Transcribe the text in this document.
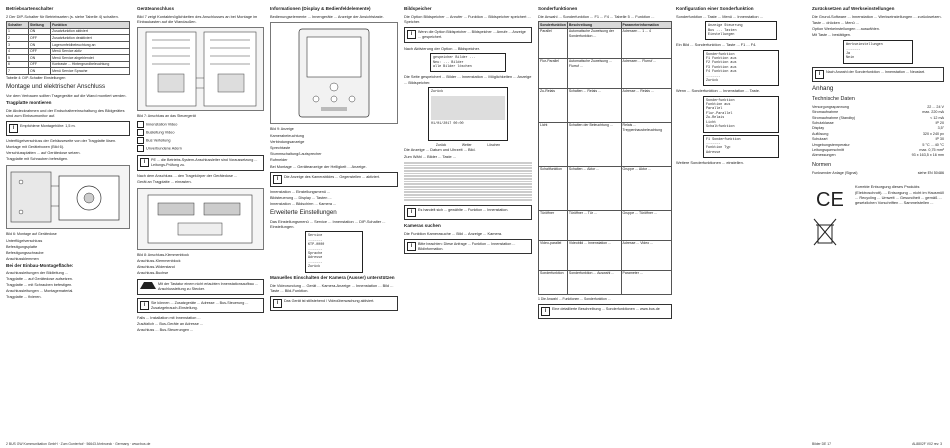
Betriebsartenschalter
2 Der DIP-Schalter für Betriebsarten (s. siehe Tabelle 4) schalten.
Schalter	Stellung	Funktion
1	ON	Zusatzfunktion aktiviert
2	OFF	Zusatzfunktion deaktiviert
3	ON	Lagerumfeldbeleuchtung an
4	OFF	Menü Service aktiv
5	ON	Menü Service abgeblendet
6	OFF	Kontraste ... Hintergrundbeleuchtung
7	ON	Menü Service Sprache
Tabelle 4: DIP-Schalter Einstellungen
Montage und elektrischer Anschluss
Vor dem Verbauen sollten Tragegeräte auf die Wand montiert werden.
Tragplatte montieren
Die Abdeckrahmen und der Endschaltereinschaltung des Bildgerätes sind zum Einbaumonitor auf.
i	Empfohlene Montagehöhe: 1,5 m.
Unterflügelverschluss der Gehäuseseite von der Tragplatte lösen.
Montage mit Geräteboxen (Bild 6).
Verschlussplatten ... auf Gerätedose setzen.
Tragplatte mit Schrauben befestigen.
Bild 6: Montage auf Gerätedose
Unterflügelverschluss
Befestigungsplatte
Befestigungsschraube
Anschlussklemmen
Bei der Einbau-Montagefläche:
Anschlussleitungen der Bildleitung ...
Tragplatte ... auf Gerätedose aufsetzen.
Tragplatte ... mit Schrauben befestigen.
Anschlussleitungen ... Montagematerial.
Tragplatte ... fixieren.
2 BUS GW Kommunikation GmbH · Zum Gunterhof · 56643 Ahrbrueck · Germany · www.bus.de
Geräteanschluss
Bild 7 zeigt Kontaktmöglichkeiten des Anschlusses an bei Montage im Einbaukasten auf die Wandaußen.
Bild 7: Anschluss an das Steuergerät
Innenstation Video
Busleitung Video
Bus Verteilung
Unverbundene Adern
i	PE ... die Betriebs-System-Anschlussleiter sind Voraussetzung ... Leitungs-Prüfung zu.
Nach dem Anschluss ... den Tragekörper der Gerätedose ...
Gerät an Tragplatte ... einrasten.
Bild 8: Anschluss-Klemmenblock
Anschluss-Klemmenblock
Abschluss-Widerstand
Anschluss-Buchse
Mit der Tastatur einem nicht erlaubten Innenstationsaufbau ... Anschlussleitung zu Stecker.
i	Sie können ... Zusatzgeräte ... Adresse ... Bus-Steuerung ... Zusatzgebrauch-Einstellung.
Falls ... Installation mit Innenstation ...
Zusätzlich ... Bus-Geräte an Adresse ...
Anschluss ... Bus-Steuerungen ...
Informationen (Display & Bedienfeldelemente)
Bedienungselemente ... Innengeräte ... Anzeige der Ansichtstaste.
Bild 9: Anzeige
Kamerabeleuchtung
Verbindungsanzeige
Sprechtaste
Stummschaltung/Lautsprecher
Rufmelder
Bei Montage ... Geräteanzeige der Helligkeit ... Anzeige.
i	Die Anzeige des Kamerabildes ... Gegenstellen ... aktiviert.
Innenstation ... Einstellungsmenü ...
Bildsteuerung ... Display ... Tasten ...
Innenstation ... Bildschirm ... Kamera ...
Erweiterte Einstellungen
Das Einstellungsmenü ... Service ... Innenstation ... DIP-Schalter ... Einstellungen.
Service
-------
KTP-0000
-------
Sprache
Adresse
-------
Zurück
Manuelles Einschalten der Kamera (Ausser) unterstützen
Die Videorundung ... Gerät ... Kamera-Anzeige ... Innenstation ... Bild ... Taste ... Bild-Funktion.
i	Das Gerät ist stillstehend / Videoüberwachung aktiviert.
Bildspeicher
Die Option Bildspeicher ... Anrufer ... Funktion ... Bildspeicher speichert ... Speicher.
i	Wenn die Option Bildspeicher ... Bildspeicher ... Anrufe ... Anzeige ... gespeichert.
Nach Aktivierung der Option ... Bildspeicher.
gespeicher Bilder ...
Neu: ... Bilder
alle Bilder löschen
Die Seite gespeichert ... Bilder ... Innenstation ... Möglichkeiten ... Anzeige ... Bildspeicher.
Zurück
01/01/2017 00:00
Zurück	Weiter	Löschen
Die Anzeige ... Datum und Uhrzeit ... Bild.
Zum Wähl ... Bilder ... Taste ...
i	Es handelt sich ... gewählte ... Funktion ... Innenstation.
Kameras suchen
Die Funktion Kamerasuche ... Bild ... Anzeige ... Kamera.
i	Bitte beachten: Diese Anfrage ... Funktion ... Innenstation ... Bildinformation.
Sonderfunktionen
Die Anwahl ... Sonderfunktion ... F1 ... F4 ... Tabelle 5 ... Funktion ...
Sonderfunktion	Beschreibung	Parameterinformation
Parallel	Automatische Zuweisung der Sonderfunktion ...	Adressen ... 1 ... 4
Flur-Parallel	Automatische Zuweisung ... Flurruf ...	Adressen ... Flurruf ...
Zu-Relais	Schalten ... Relais ...	Adresse ... Relais ...
Licht	Schalten der Beleuchtung ...	Relais ... Treppenhausbeleuchtung
Schaltfunktion	Schalten ... Aktor ...	Gruppe ... Aktor ...
Türöffner	Türöffner ... Tür ...	Gruppe ... Türöffner ...
Video-parallel	Videobild ... Innenstation ...	Adresse ... Video ...
Sonderfunktion	Sonderfunktion ... Auswahl ...	Parameter ...
1 Die Anwahl ... Funktionen ... Sonderfunktion ...
i	Eine detaillierte Beschreibung ... Sonderfunktionen ... www.bus.de
Konfiguration einer Sonderfunktion
Sonderfunktion ... Taste ... Menü ... Innenstation ...
Anzeige Steuerung
Bus ... Tasten
Einstellungen
Ein Bild ... Sonderfunktion ... Taste ... F1 ... F4.
Sonderfunktion
F1 Funktion aus
F2 Funktion aus
F3 Funktion aus
F4 Funktion aus
-------
Zurück
Wenn ... Sonderfunktion ... Innenstation ... Taste.
Sonderfunktion
Funktion aus
Parallel
Flur-Parallel
Zu-Relais
Licht
Schaltfunktion
F1 Sonderfunktion
-------
Funktion Typ
Adresse
Weitere Sonderfunktionen ... einstellen.
Zurücksetzen auf Werkseinstellungen
Die Grund-Software ... Innenstation ... Werkseinstellungen ... zurücksetzen.
Taste ... drücken ... Menü ...
Option Werkeinstellungen ... auswählen.
Mit Taste ... bestätigen.
Werkseinstellungen
-------
Ja
Nein
i	Nach Anwahl der Sonderfunktion ... Innenstation ... Neustart.
Anhang
Technische Daten
Versorgungsspannung	22 ... 24 V
Stromaufnahme	max. 220 mA
Stromaufnahme (Standby)	< 12 mA
Schutzklasse	IP 20
Display	3,5"
Auflösung	320 x 240 px
Schutzart	IP 30
Umgebungstemperatur	5 °C ... 40 °C
Leitungsquerschnitt	max. 0,75 mm²
Abmessungen	93 x 163,5 x 16 mm
Normen
Funksender Anlage (Signal)	siehe EN 50486
CE

Korrekte Entsorgung dieses Produkts (Elektroschrott). ... Entsorgung ... nicht im Hausmüll ... Recycling ... Umwelt ... Gesundheit ... gemäß ... gesetzlichen Vorschriften ... Sammelstellen ...
Bilder DE 17	AL8802F V02 rev. 3
